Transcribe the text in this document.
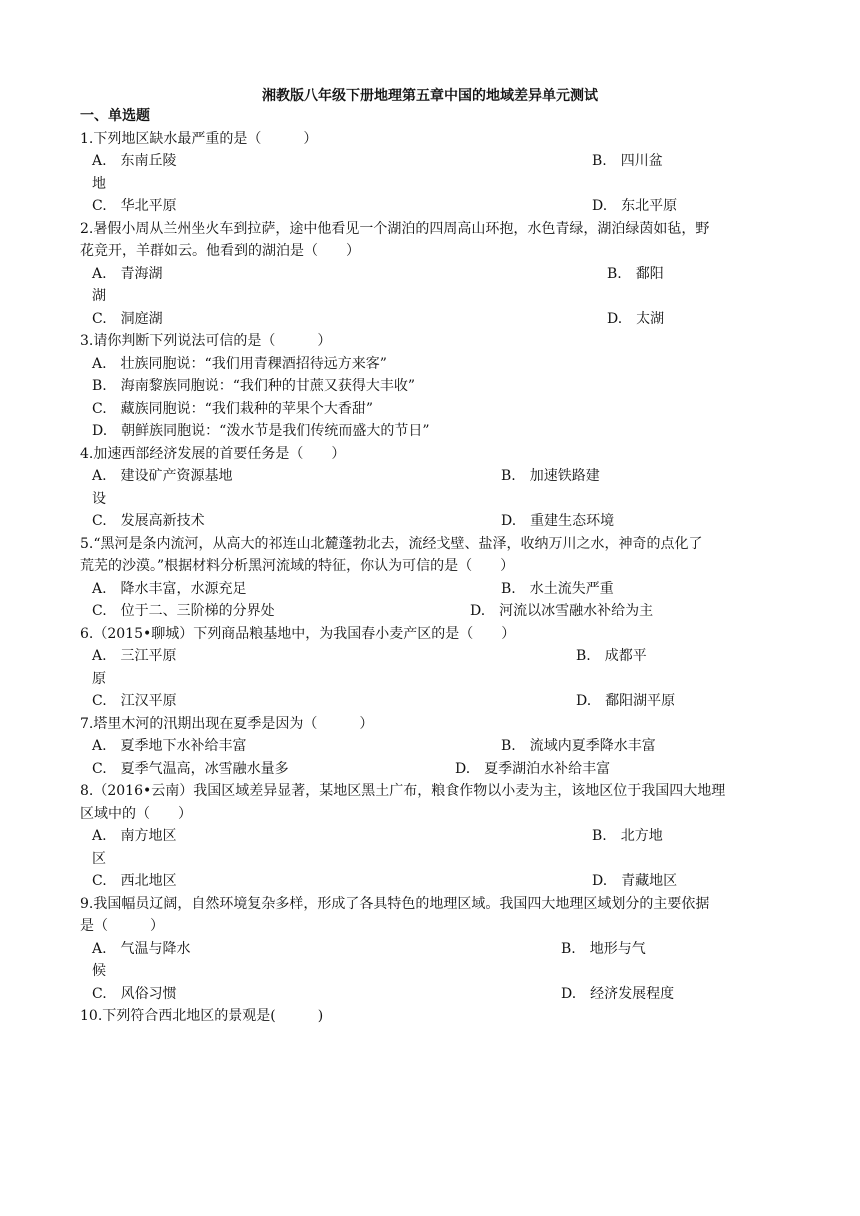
湘教版八年级下册地理第五章中国的地域差异单元测试
一、单选题
1.下列地区缺水最严重的是（　　　）
A.　东南丘陵	B.　四川盆
地
C.　华北平原	D.　东北平原
2.暑假小周从兰州坐火车到拉萨，途中他看见一个湖泊的四周高山环抱，水色青绿，湖泊绿茵如毡，野
花竞开，羊群如云。他看到的湖泊是（　　）
A.　青海湖	B.　鄱阳
湖
C.　洞庭湖	D.　太湖
3.请你判断下列说法可信的是（　　　）
A.　壮族同胞说：“我们用青稞酒招待远方来客”
B.　海南黎族同胞说：“我们种的甘蔗又获得大丰收”
C.　藏族同胞说：“我们栽种的苹果个大香甜”
D.　朝鲜族同胞说：“泼水节是我们传统而盛大的节日”
4.加速西部经济发展的首要任务是（　　）
A.　建设矿产资源基地	B.　加速铁路建
设
C.　发展高新技术	D.　重建生态环境
5.“黑河是条内流河，从高大的祁连山北麓蓬勃北去，流经戈壁、盐泽，收纳万川之水，神奇的点化了
荒芜的沙漠。”根据材料分析黑河流域的特征，你认为可信的是（　　）
A.　降水丰富，水源充足	B.　水土流失严重
C.　位于二、三阶梯的分界处	D.　河流以冰雪融水补给为主
6.（2015•聊城）下列商品粮基地中，为我国春小麦产区的是（　　）
A.　三江平原	B.　成都平
原
C.　江汉平原	D.　鄱阳湖平原
7.塔里木河的汛期出现在夏季是因为（　　　）
A.　夏季地下水补给丰富	B.　流域内夏季降水丰富
C.　夏季气温高，冰雪融水量多	D.　夏季湖泊水补给丰富
8.（2016•云南）我国区域差异显著，某地区黑土广布，粮食作物以小麦为主，该地区位于我国四大地理
区域中的（　　）
A.　南方地区	B.　北方地
区
C.　西北地区	D.　青藏地区
9.我国幅员辽阔，自然环境复杂多样，形成了各具特色的地理区域。我国四大地理区域划分的主要依据
是（　　　）
A.　气温与降水	B.　地形与气
候
C.　风俗习惯	D.　经济发展程度
10.下列符合西北地区的景观是(　　　)
